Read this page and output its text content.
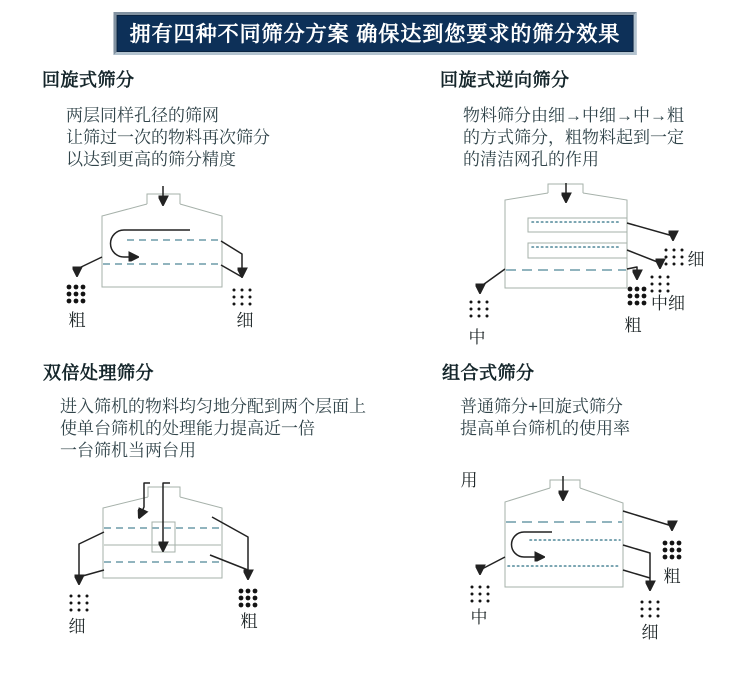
拥有四种不同筛分方案 确保达到您要求的筛分效果
回旋式筛分
两层同样孔径的筛网
让筛过一次的物料再次筛分
以达到更高的筛分精度
粗	细
回旋式逆向筛分
物料筛分由细→中细→中→粗
的方式筛分，粗物料起到一定
的清洁网孔的作用
细
中细
粗
中
双倍处理筛分
进入筛机的物料均匀地分配到两个层面上
使单台筛机的处理能力提高近一倍
一台筛机当两台用
细	粗
组合式筛分
普通筛分+回旋式筛分
提高单台筛机的使用率
用
粗
细
中
